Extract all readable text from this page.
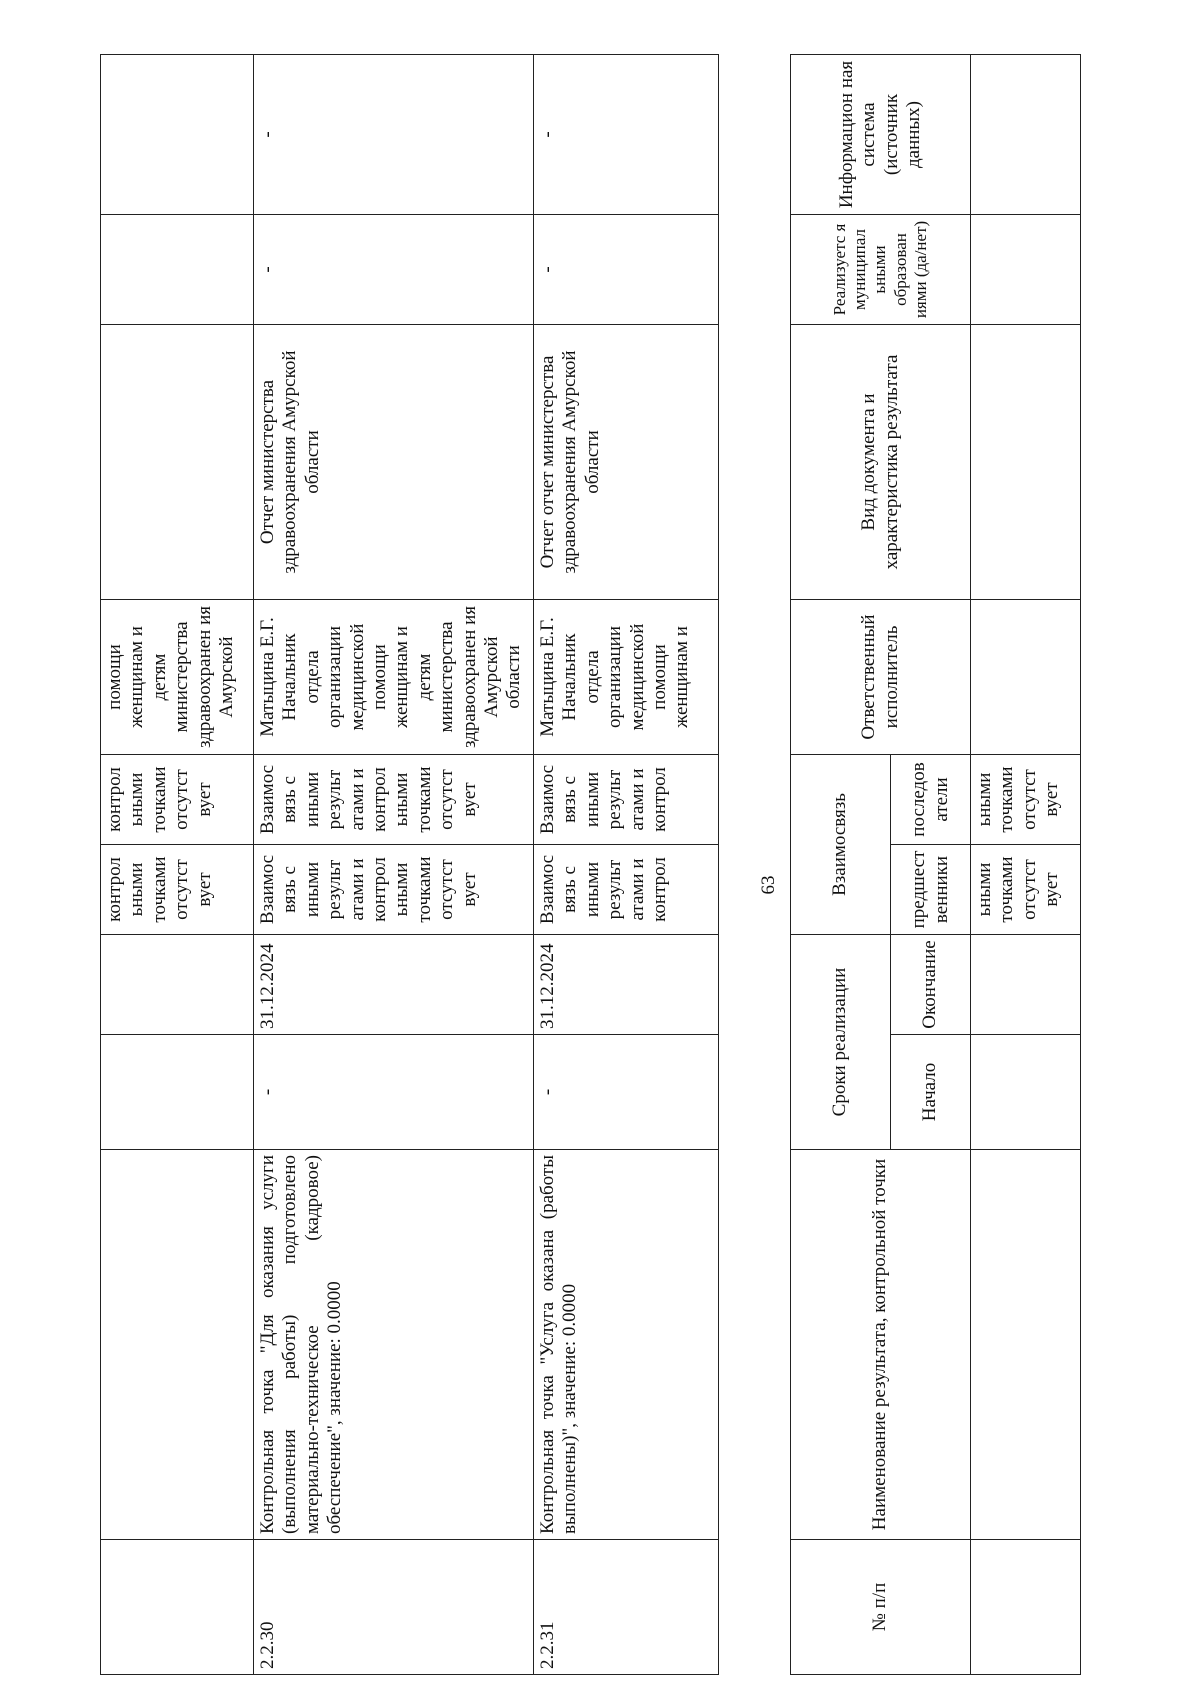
				контрол ьными точками отсутст вует	контрол ьными точками отсутст вует	помощи женщинам и детям министерства здравоохранен ия Амурской			

2.2.30	Контрольная точка "Для оказания услуги (выполнения работы) подготовлено материально-техническое (кадровое) обеспечение", значение: 0.0000	-	31.12.2024	Взаимос вязь с иными результ атами и контрол ьными точками отсутст вует	Взаимос вязь с иными результ атами и контрол ьными точками отсутст вует	Матыцина Е.Г. Начальник отдела организации медицинской помощи женщинам и детям министерства здравоохранен ия Амурской области	Отчет министерства здравоохранения Амурской области	-	-
2.2.31	Контрольная точка "Услуга оказана (работы выполнены)", значение: 0.0000	-	31.12.2024	Взаимос вязь с иными результ атами и контрол	Взаимос вязь с иными результ атами и контрол	Матыцина Е.Г. Начальник отдела организации медицинской помощи женщинам и	Отчет отчет министерства здравоохранения Амурской области	-	-
63
№ п/п	Наименование результата, контрольной точки	Сроки реализации		Взаимосвязь		Ответственный исполнитель	Вид документа и характеристика результата	Реализуетс я муниципал ьными образован иями (да/нет)	Информацион ная система (источник данных)
		Начало	Окончание	предшест венники	последов атели				
				ьными точками отсутст вует	ьными точками отсутст вует				
